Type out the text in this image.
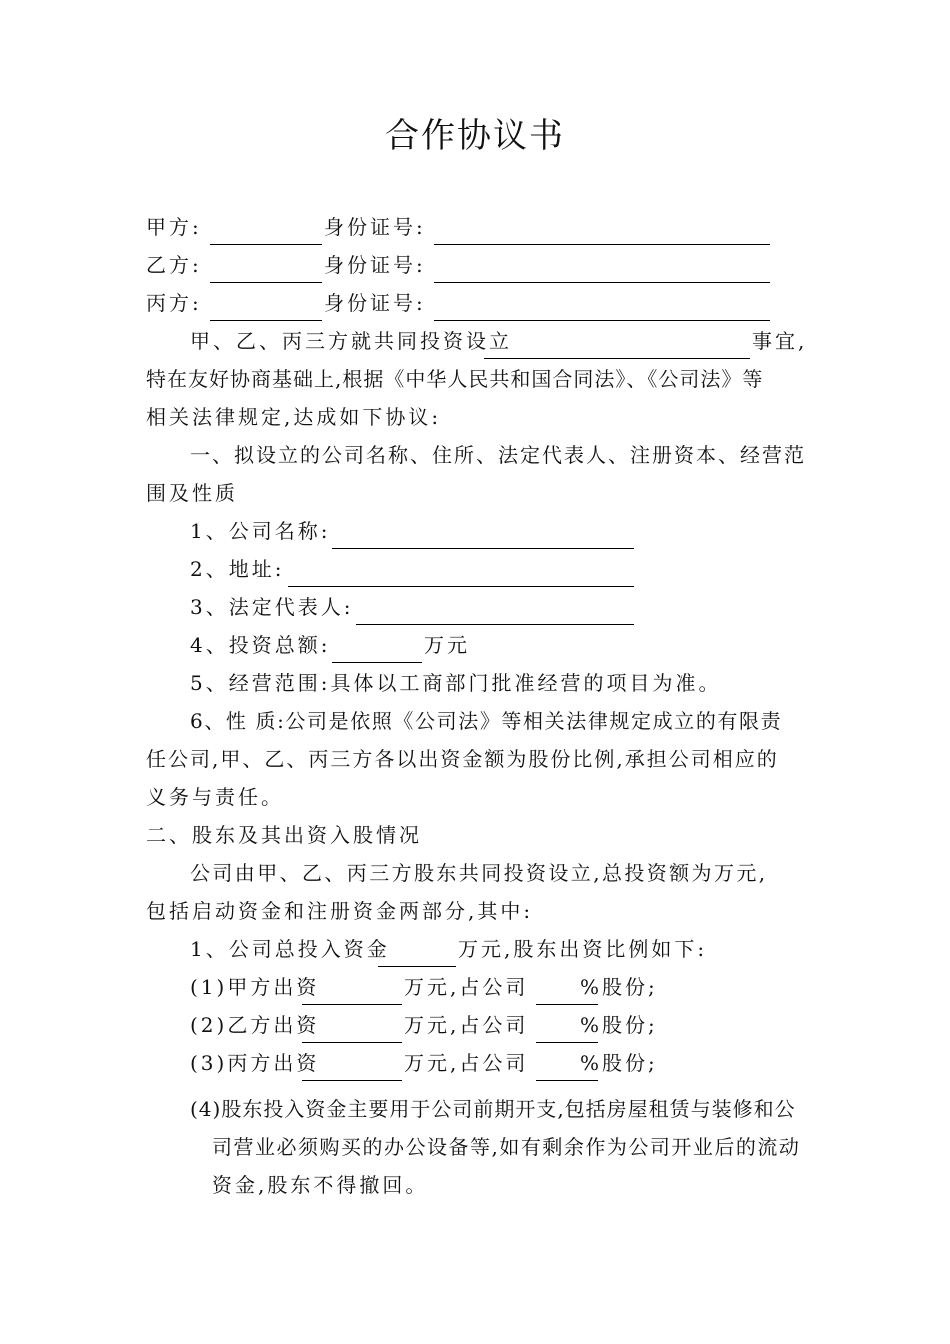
合作协议书
甲方:	身份证号:
乙方:	身份证号:
丙方:	身份证号:
甲、乙、丙三方就共同投资设立	事宜,
特在友好协商基础上,根据《中华人民共和国合同法》、《公司法》等
相关法律规定,达成如下协议:
一、拟设立的公司名称、住所、法定代表人、注册资本、经营范
围及性质
1、公司名称:
2、地址:
3、法定代表人:
4、投资总额:	万元
5、经营范围:具体以工商部门批准经营的项目为准。
6、性 质:公司是依照《公司法》等相关法律规定成立的有限责
任公司,甲、乙、丙三方各以出资金额为股份比例,承担公司相应的
义务与责任。
二、股东及其出资入股情况
公司由甲、乙、丙三方股东共同投资设立,总投资额为万元,
包括启动资金和注册资金两部分,其中:
1、公司总投入资金	万元,股东出资比例如下:
(1)甲方出资	万元,占公司	%股份;
(2)乙方出资	万元,占公司	%股份;
(3)丙方出资	万元,占公司	%股份;
(4)股东投入资金主要用于公司前期开支,包括房屋租赁与装修和公
司营业必须购买的办公设备等,如有剩余作为公司开业后的流动
资金,股东不得撤回。
